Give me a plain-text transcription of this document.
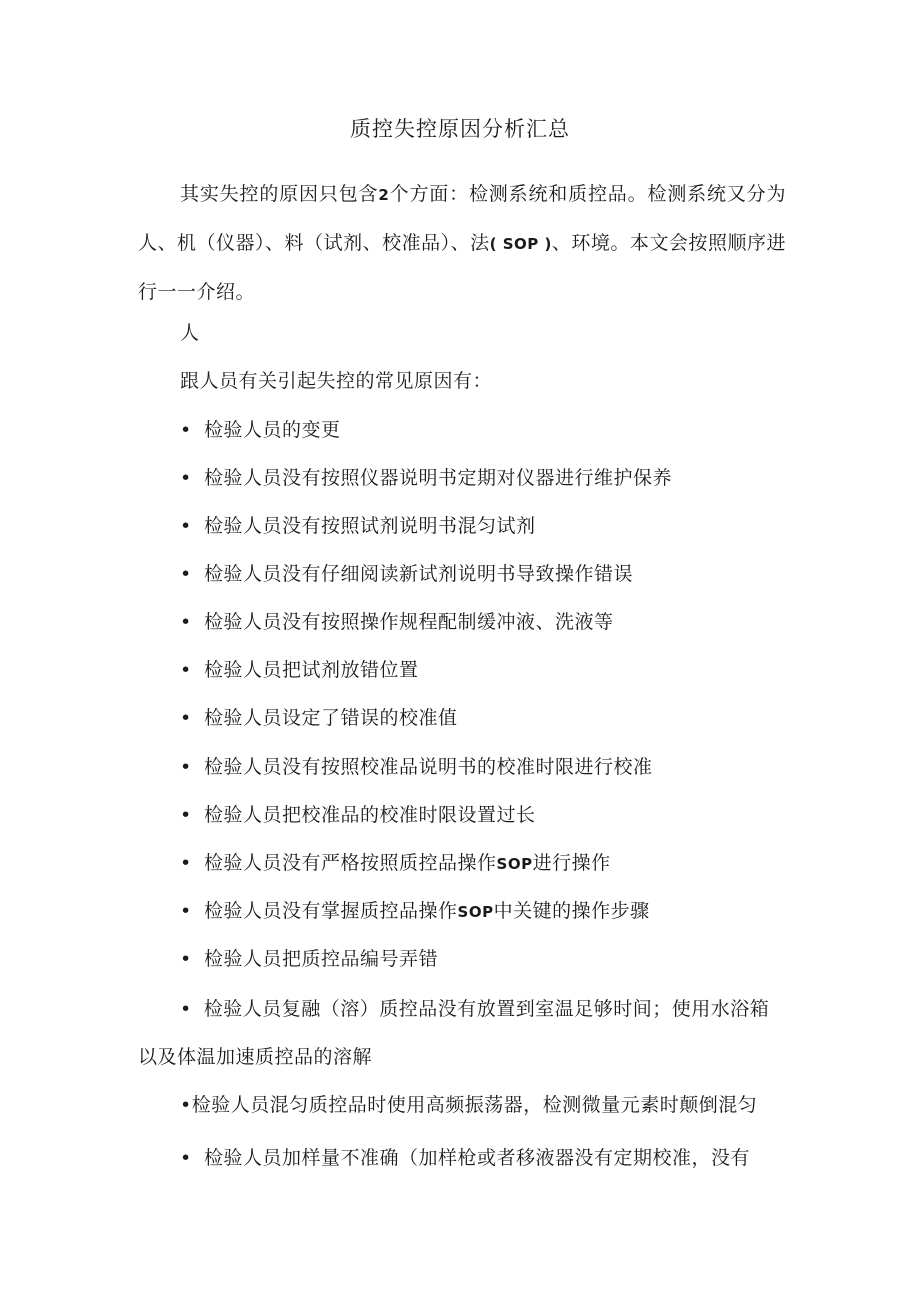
质控失控原因分析汇总
其实失控的原因只包含2个方面：检测系统和质控品。检测系统又分为人、机（仪器）、料（试剂、校准品）、法( SOP )、环境。本文会按照顺序进行一一介绍。
人
跟人员有关引起失控的常见原因有：
• 检验人员的变更
• 检验人员没有按照仪器说明书定期对仪器进行维护保养
• 检验人员没有按照试剂说明书混匀试剂
• 检验人员没有仔细阅读新试剂说明书导致操作错误
• 检验人员没有按照操作规程配制缓冲液、洗液等
• 检验人员把试剂放错位置
• 检验人员设定了错误的校准值
• 检验人员没有按照校准品说明书的校准时限进行校准
• 检验人员把校准品的校准时限设置过长
• 检验人员没有严格按照质控品操作SOP进行操作
• 检验人员没有掌握质控品操作SOP中关键的操作步骤
• 检验人员把质控品编号弄错
• 检验人员复融（溶）质控品没有放置到室温足够时间；使用水浴箱以及体温加速质控品的溶解
•检验人员混匀质控品时使用高频振荡器，检测微量元素时颠倒混匀
• 检验人员加样量不准确（加样枪或者移液器没有定期校准，没有
